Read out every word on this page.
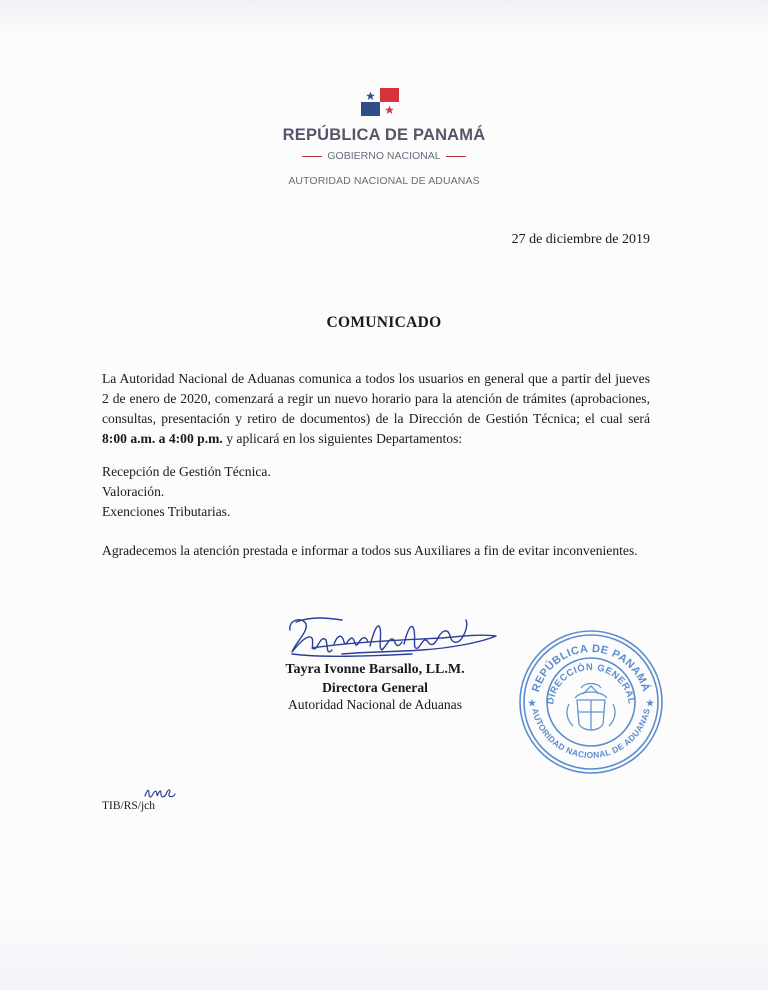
REPÚBLICA DE PANAMÁ
GOBIERNO NACIONAL
AUTORIDAD NACIONAL DE ADUANAS
27 de diciembre de 2019
COMUNICADO
La Autoridad Nacional de Aduanas comunica a todos los usuarios en general que a partir del jueves 2 de enero de 2020, comenzará a regir un nuevo horario para la atención de trámites (aprobaciones, consultas, presentación y retiro de documentos) de la Dirección de Gestión Técnica; el cual será 8:00 a.m. a 4:00 p.m. y aplicará en los siguientes Departamentos:
Recepción de Gestión Técnica.
Valoración.
Exenciones Tributarias.
Agradecemos la atención prestada e informar a todos sus Auxiliares a fin de evitar inconvenientes.
Tayra Ivonne Barsallo, LL.M.
Directora General
Autoridad Nacional de Aduanas
REPÚBLICA DE PANAMÁ
DIRECCIÓN GENERAL
AUTORIDAD NACIONAL DE ADUANAS
★	★
TIB/RS/jch
